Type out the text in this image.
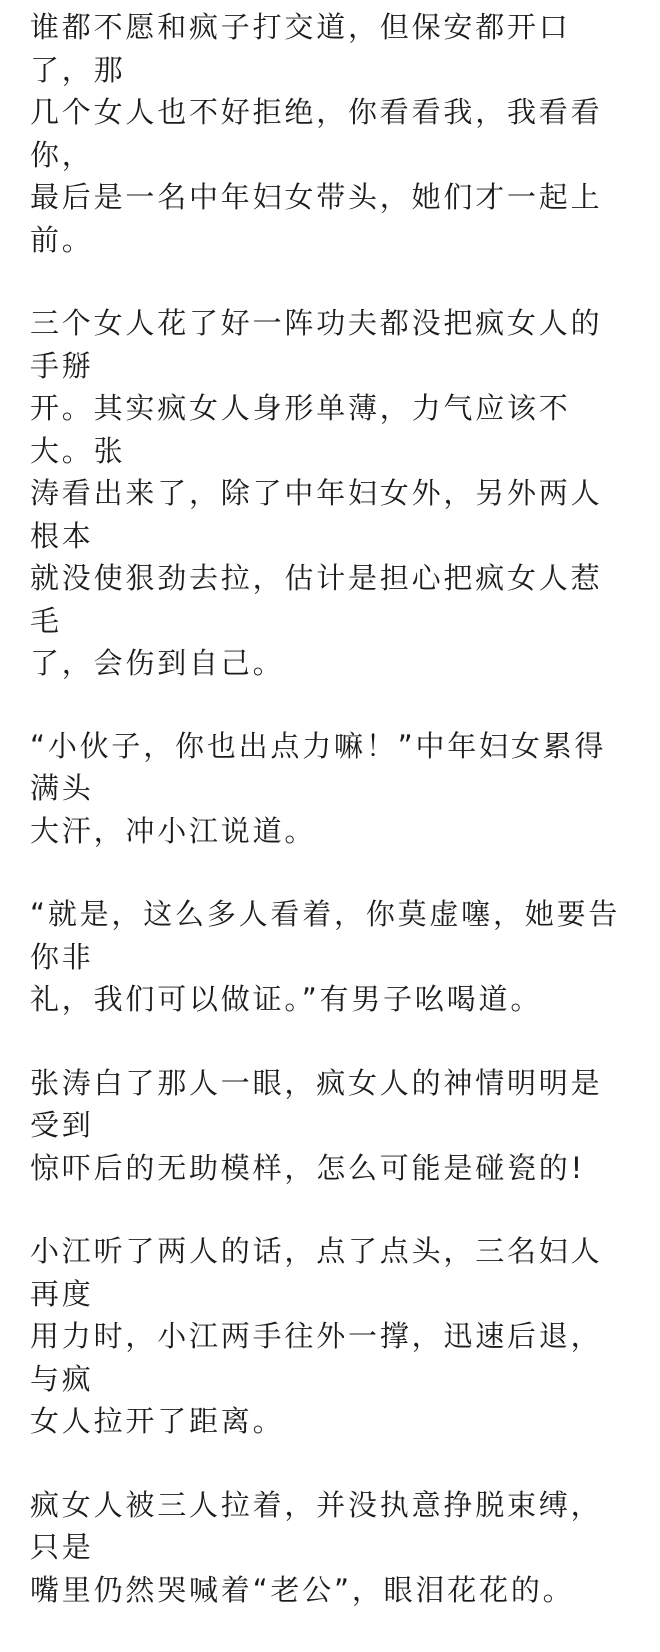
谁都不愿和疯子打交道，但保安都开口了，那
几个女人也不好拒绝，你看看我，我看看你，
最后是一名中年妇女带头，她们才一起上前。

三个女人花了好一阵功夫都没把疯女人的手掰
开。其实疯女人身形单薄，力气应该不大。张
涛看出来了，除了中年妇女外，另外两人根本
就没使狠劲去拉，估计是担心把疯女人惹毛
了，会伤到自己。

“小伙子，你也出点力嘛！”中年妇女累得满头
大汗，冲小江说道。

“就是，这么多人看着，你莫虚噻，她要告你非
礼，我们可以做证。”有男子吆喝道。

张涛白了那人一眼，疯女人的神情明明是受到
惊吓后的无助模样，怎么可能是碰瓷的!

小江听了两人的话，点了点头，三名妇人再度
用力时，小江两手往外一撑，迅速后退，与疯
女人拉开了距离。

疯女人被三人拉着，并没执意挣脱束缚，只是
嘴里仍然哭喊着“老公”，眼泪花花的。
